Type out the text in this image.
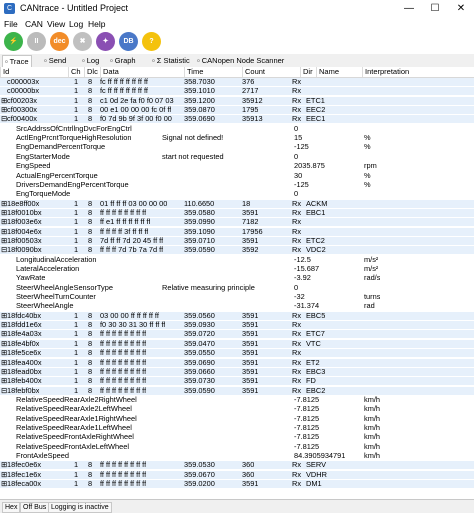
C CANtrace - Untitled Project	—	☐	✕
File CAN View Log Help
⚡	II	dec	✖	✦	DB	?
▫ Trace	▫ Send ▫ Log ▫ Graph ▫ Σ Statistic ▫ CANopen Node Scanner
Id	Ch Dlc Data	Time	Count	Dir Name	Interpretation
c000003x	1 8 fc ff ff ff ff ff ff ff	358.7030	376	Rx
c00000bx	1 8 fc ff ff ff ff ff ff ff	359.1010	2717	Rx
⊞ cf00203x	1 8 c1 0d 2e fa f0 f0 07 03 359.1200	35912	Rx ETC1
⊞ cf00300x	1 8 00 e1 00 00 00 fc 0f ff 359.0870	1795	Rx EEC2
⊟ cf00400x	1 8 f0 7d 9b 9f 3f 00 f0 00 359.0690	35913	Rx EEC1
SrcAddrssOfCntrllngDvcForEngCtrl	0
ActlEngPrcntTorqueHighResolution	Signal not defined!	15	%
EngDemandPercentTorque	-125	%
EngStarterMode	start not requested	0
EngSpeed	2035.875	rpm
ActualEngPercentTorque	30	%
DriversDemandEngPercentTorque	-125	%
EngTorqueMode	0
⊞ 18e8ff00x	1 8 01 ff ff ff 03 00 00 00 110.6650	18	Rx ACKM
⊞ 18f0010bx	1 8 ff ff ff ff ff ff ff ff	359.0580	3591	Rx EBC1
⊞ 18f003e6x	1 8 ff e1 ff ff ff ff ff ff	359.0990	7182	Rx
⊞ 18f004e6x	1 8 ff ff ff ff 3f ff ff ff	359.1090	17956	Rx
⊞ 18f00503x	1 8 7d ff ff 7d 20 45 ff ff	359.0710	3591	Rx ETC2
⊟ 18f0090bx	1 8 ff ff ff 7d 7b 7a 7d ff	359.0590	3592	Rx VDC2
LongitudinalAcceleration	-12.5	m/s²
LateralAcceleration	-15.687	m/s²
YawRate	-3.92	rad/s
SteerWheelAngleSensorType	Relative measuring principle	0
SteerWheelTurnCounter	-32	turns
SteerWheelAngle	-31.374	rad
⊞ 18fdc40bx	1 8 03 00 00 ff ff ff ff ff	359.0560	3591	Rx EBC5
⊞ 18fdd1e6x	1 8 f0 30 30 31 30 ff ff ff	359.0930	3591	Rx
⊞ 18fe4a03x	1 8 ff ff ff ff ff ff ff ff	359.0720	3591	Rx ETC7
⊞ 18fe4bf0x	1 8 ff ff ff ff ff ff ff ff	359.0470	3591	Rx VTC
⊞ 18fe5ce6x	1 8 ff ff ff ff ff ff ff ff	359.0550	3591	Rx
⊞ 18fea400x	1 8 ff ff ff ff ff ff ff ff	359.0690	3591	Rx ET2
⊞ 18fead0bx	1 8 ff ff ff ff ff ff ff ff	359.0660	3591	Rx EBC3
⊞ 18feb400x	1 8 ff ff ff ff ff ff ff ff	359.0730	3591	Rx FD
⊟ 18febf0bx	1 8 ff ff ff ff ff ff ff ff	359.0590	3591	Rx EBC2
RelativeSpeedRearAxle2RightWheel	-7.8125	km/h
RelativeSpeedRearAxle2LeftWheel	-7.8125	km/h
RelativeSpeedRearAxle1RightWheel	-7.8125	km/h
RelativeSpeedRearAxle1LeftWheel	-7.8125	km/h
RelativeSpeedFrontAxleRightWheel	-7.8125	km/h
RelativeSpeedFrontAxleLeftWheel	-7.8125	km/h
FrontAxleSpeed	84.3905934791	km/h
⊞ 18fec0e6x	1 8 ff ff ff ff ff ff ff ff	359.0530	360	Rx SERV
⊞ 18fec1e6x	1 8 ff ff ff ff ff ff ff ff	359.0670	360	Rx VDHR
⊞ 18feca00x	1 8 ff ff ff ff ff ff ff ff	359.0200	3591	Rx DM1
Hex Off Bus Logging is inactive
